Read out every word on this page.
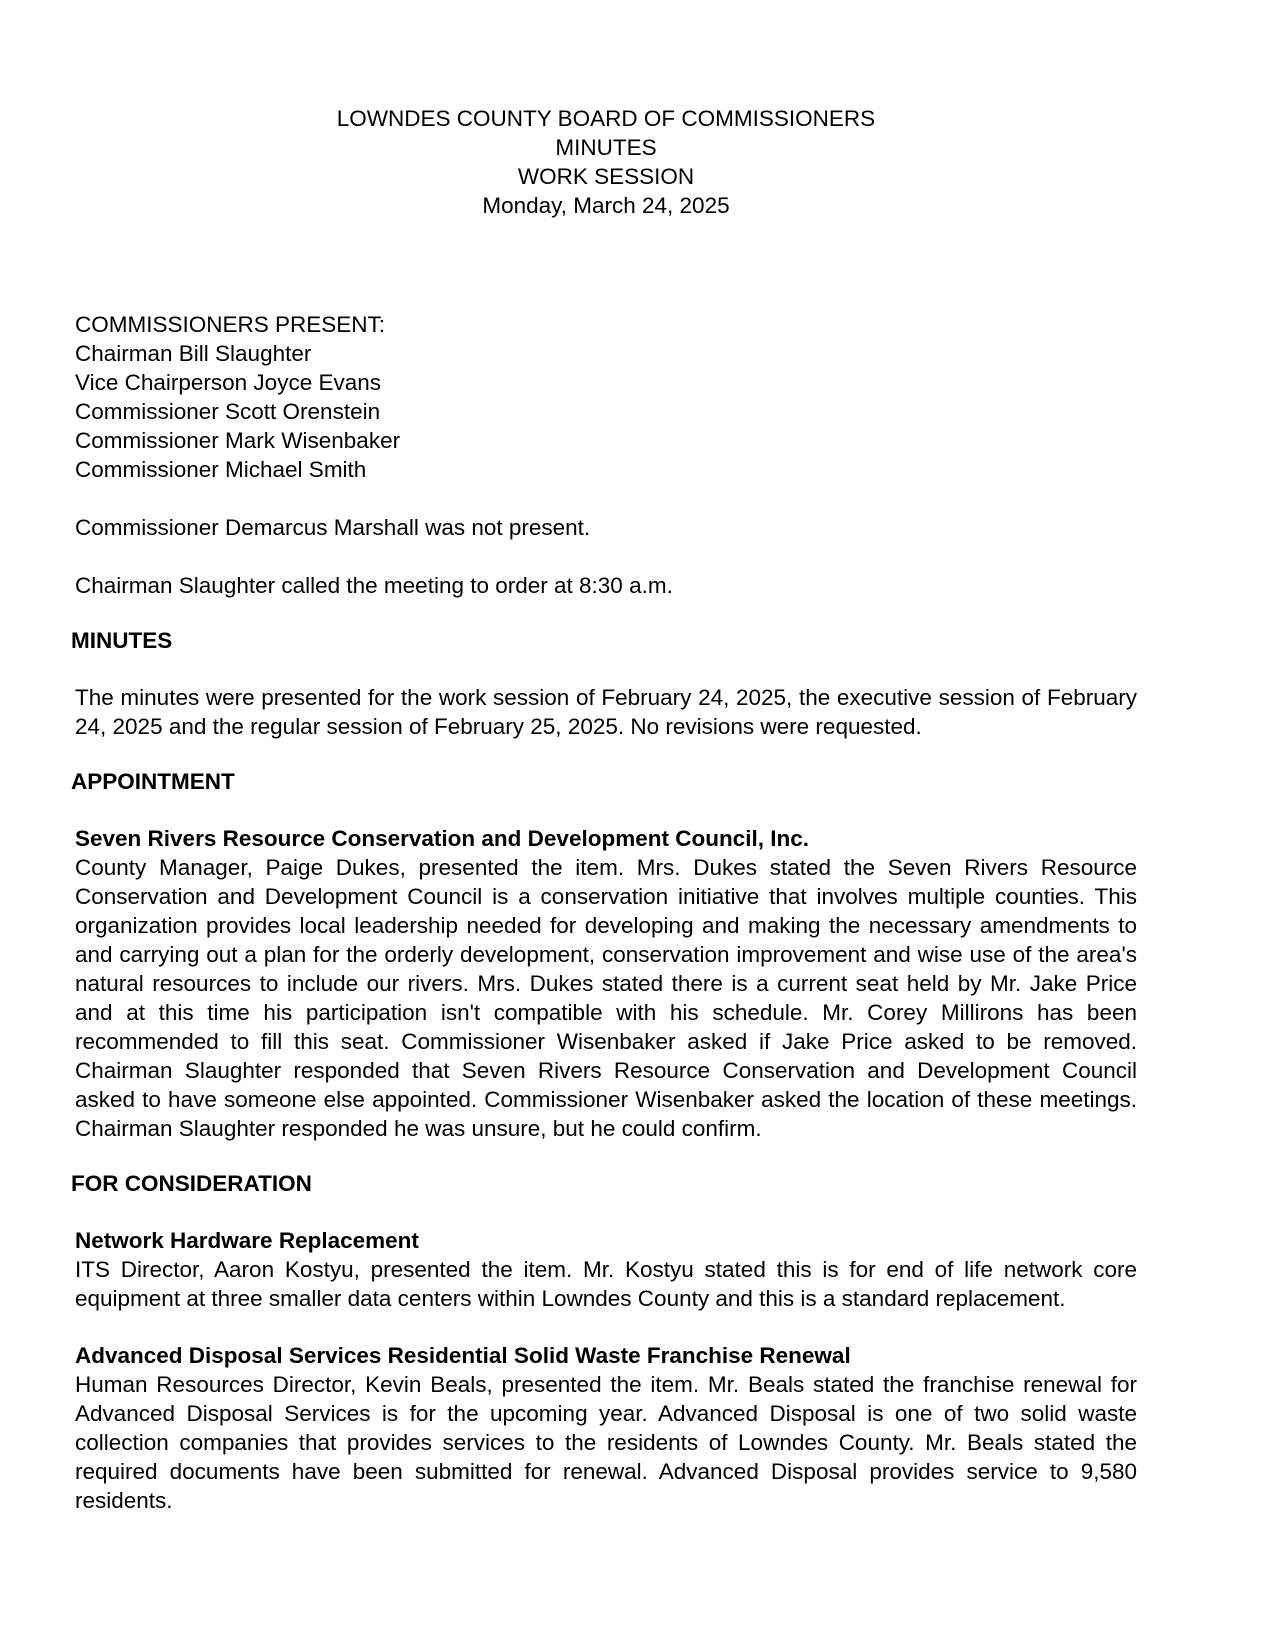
LOWNDES COUNTY BOARD OF COMMISSIONERS
MINUTES
WORK SESSION
Monday, March 24, 2025
COMMISSIONERS PRESENT:
Chairman Bill Slaughter
Vice Chairperson Joyce Evans
Commissioner Scott Orenstein
Commissioner Mark Wisenbaker
Commissioner Michael Smith
Commissioner Demarcus Marshall was not present.
Chairman Slaughter called the meeting to order at 8:30 a.m.
MINUTES

The minutes were presented for the work session of February 24, 2025, the executive session of February 24, 2025 and the regular session of February 25, 2025. No revisions were requested.

APPOINTMENT
Seven Rivers Resource Conservation and Development Council, Inc.

County Manager, Paige Dukes, presented the item. Mrs. Dukes stated the Seven Rivers Resource Conservation and Development Council is a conservation initiative that involves multiple counties. This organization provides local leadership needed for developing and making the necessary amendments to and carrying out a plan for the orderly development, conservation improvement and wise use of the area's natural resources to include our rivers. Mrs. Dukes stated there is a current seat held by Mr. Jake Price and at this time his participation isn't compatible with his schedule. Mr. Corey Millirons has been recommended to fill this seat. Commissioner Wisenbaker asked if Jake Price asked to be removed. Chairman Slaughter responded that Seven Rivers Resource Conservation and Development Council asked to have someone else appointed. Commissioner Wisenbaker asked the location of these meetings. Chairman Slaughter responded he was unsure, but he could confirm.

FOR CONSIDERATION
Network Hardware Replacement

ITS Director, Aaron Kostyu, presented the item. Mr. Kostyu stated this is for end of life network core equipment at three smaller data centers within Lowndes County and this is a standard replacement.

Advanced Disposal Services Residential Solid Waste Franchise Renewal

Human Resources Director, Kevin Beals, presented the item. Mr. Beals stated the franchise renewal for Advanced Disposal Services is for the upcoming year. Advanced Disposal is one of two solid waste collection companies that provides services to the residents of Lowndes County. Mr. Beals stated the required documents have been submitted for renewal. Advanced Disposal provides service to 9,580 residents.
